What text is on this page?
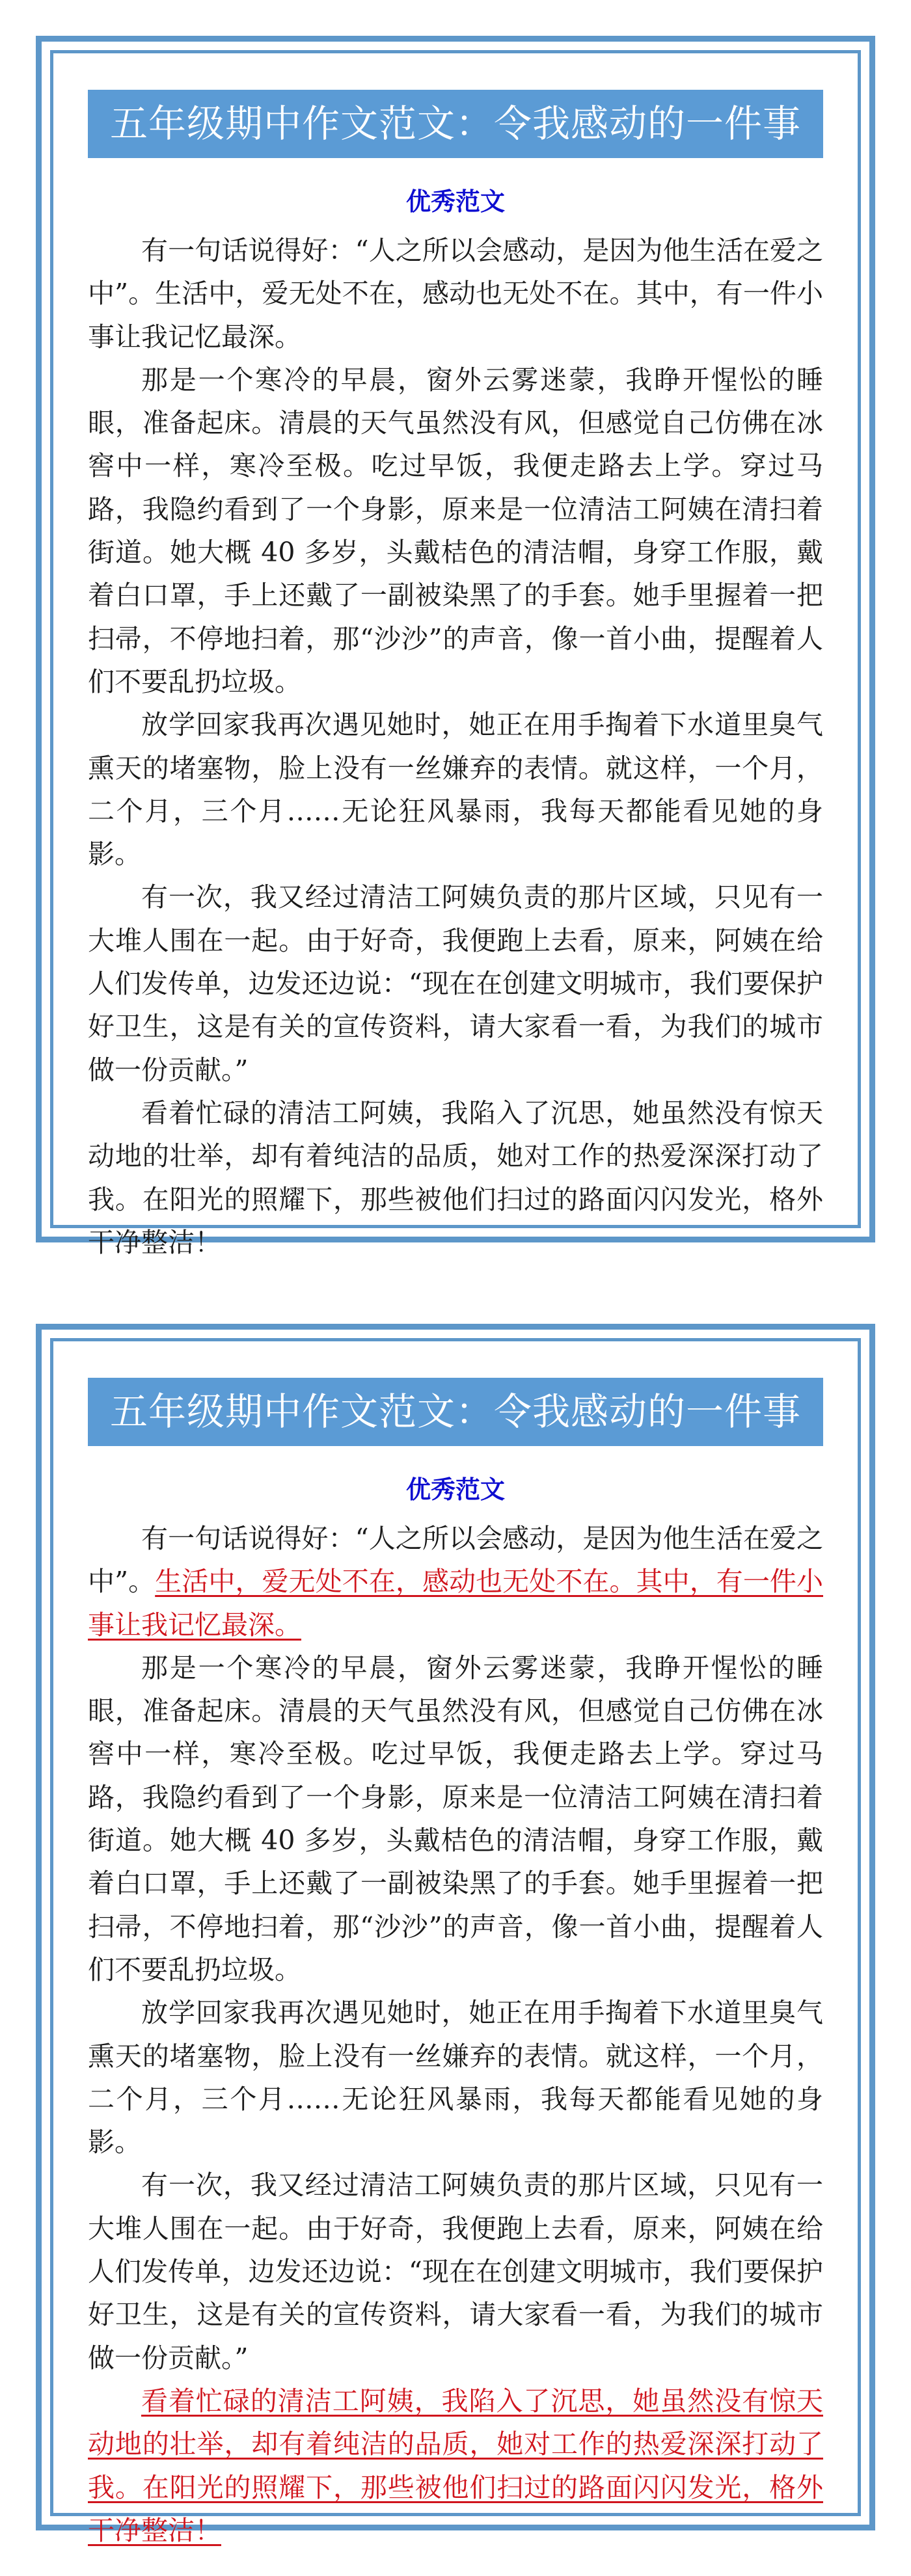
五年级期中作文范文：令我感动的一件事
优秀范文

有一句话说得好：“人之所以会感动，是因为他生活在爱之中”。生活中，爱无处不在，感动也无处不在。其中，有一件小事让我记忆最深。

那是一个寒冷的早晨，窗外云雾迷蒙，我睁开惺忪的睡眼，准备起床。清晨的天气虽然没有风，但感觉自己仿佛在冰窖中一样，寒冷至极。吃过早饭，我便走路去上学。穿过马路，我隐约看到了一个身影，原来是一位清洁工阿姨在清扫着街道。她大概 40 多岁，头戴桔色的清洁帽，身穿工作服，戴着白口罩，手上还戴了一副被染黑了的手套。她手里握着一把扫帚，不停地扫着，那“沙沙”的声音，像一首小曲，提醒着人们不要乱扔垃圾。

放学回家我再次遇见她时，她正在用手掏着下水道里臭气熏天的堵塞物，脸上没有一丝嫌弃的表情。就这样，一个月，二个月，三个月……无论狂风暴雨，我每天都能看见她的身影。

有一次，我又经过清洁工阿姨负责的那片区域，只见有一大堆人围在一起。由于好奇，我便跑上去看，原来，阿姨在给人们发传单，边发还边说：“现在在创建文明城市，我们要保护好卫生，这是有关的宣传资料，请大家看一看，为我们的城市做一份贡献。”

看着忙碌的清洁工阿姨，我陷入了沉思，她虽然没有惊天动地的壮举，却有着纯洁的品质，她对工作的热爱深深打动了我。在阳光的照耀下，那些被他们扫过的路面闪闪发光，格外干净整洁！

五年级期中作文范文：令我感动的一件事
优秀范文

有一句话说得好：“人之所以会感动，是因为他生活在爱之中”。生活中，爱无处不在，感动也无处不在。其中，有一件小事让我记忆最深。

那是一个寒冷的早晨，窗外云雾迷蒙，我睁开惺忪的睡眼，准备起床。清晨的天气虽然没有风，但感觉自己仿佛在冰窖中一样，寒冷至极。吃过早饭，我便走路去上学。穿过马路，我隐约看到了一个身影，原来是一位清洁工阿姨在清扫着街道。她大概 40 多岁，头戴桔色的清洁帽，身穿工作服，戴着白口罩，手上还戴了一副被染黑了的手套。她手里握着一把扫帚，不停地扫着，那“沙沙”的声音，像一首小曲，提醒着人们不要乱扔垃圾。

放学回家我再次遇见她时，她正在用手掏着下水道里臭气熏天的堵塞物，脸上没有一丝嫌弃的表情。就这样，一个月，二个月，三个月……无论狂风暴雨，我每天都能看见她的身影。

有一次，我又经过清洁工阿姨负责的那片区域，只见有一大堆人围在一起。由于好奇，我便跑上去看，原来，阿姨在给人们发传单，边发还边说：“现在在创建文明城市，我们要保护好卫生，这是有关的宣传资料，请大家看一看，为我们的城市做一份贡献。”

看着忙碌的清洁工阿姨，我陷入了沉思，她虽然没有惊天动地的壮举，却有着纯洁的品质，她对工作的热爱深深打动了我。在阳光的照耀下，那些被他们扫过的路面闪闪发光，格外干净整洁！
